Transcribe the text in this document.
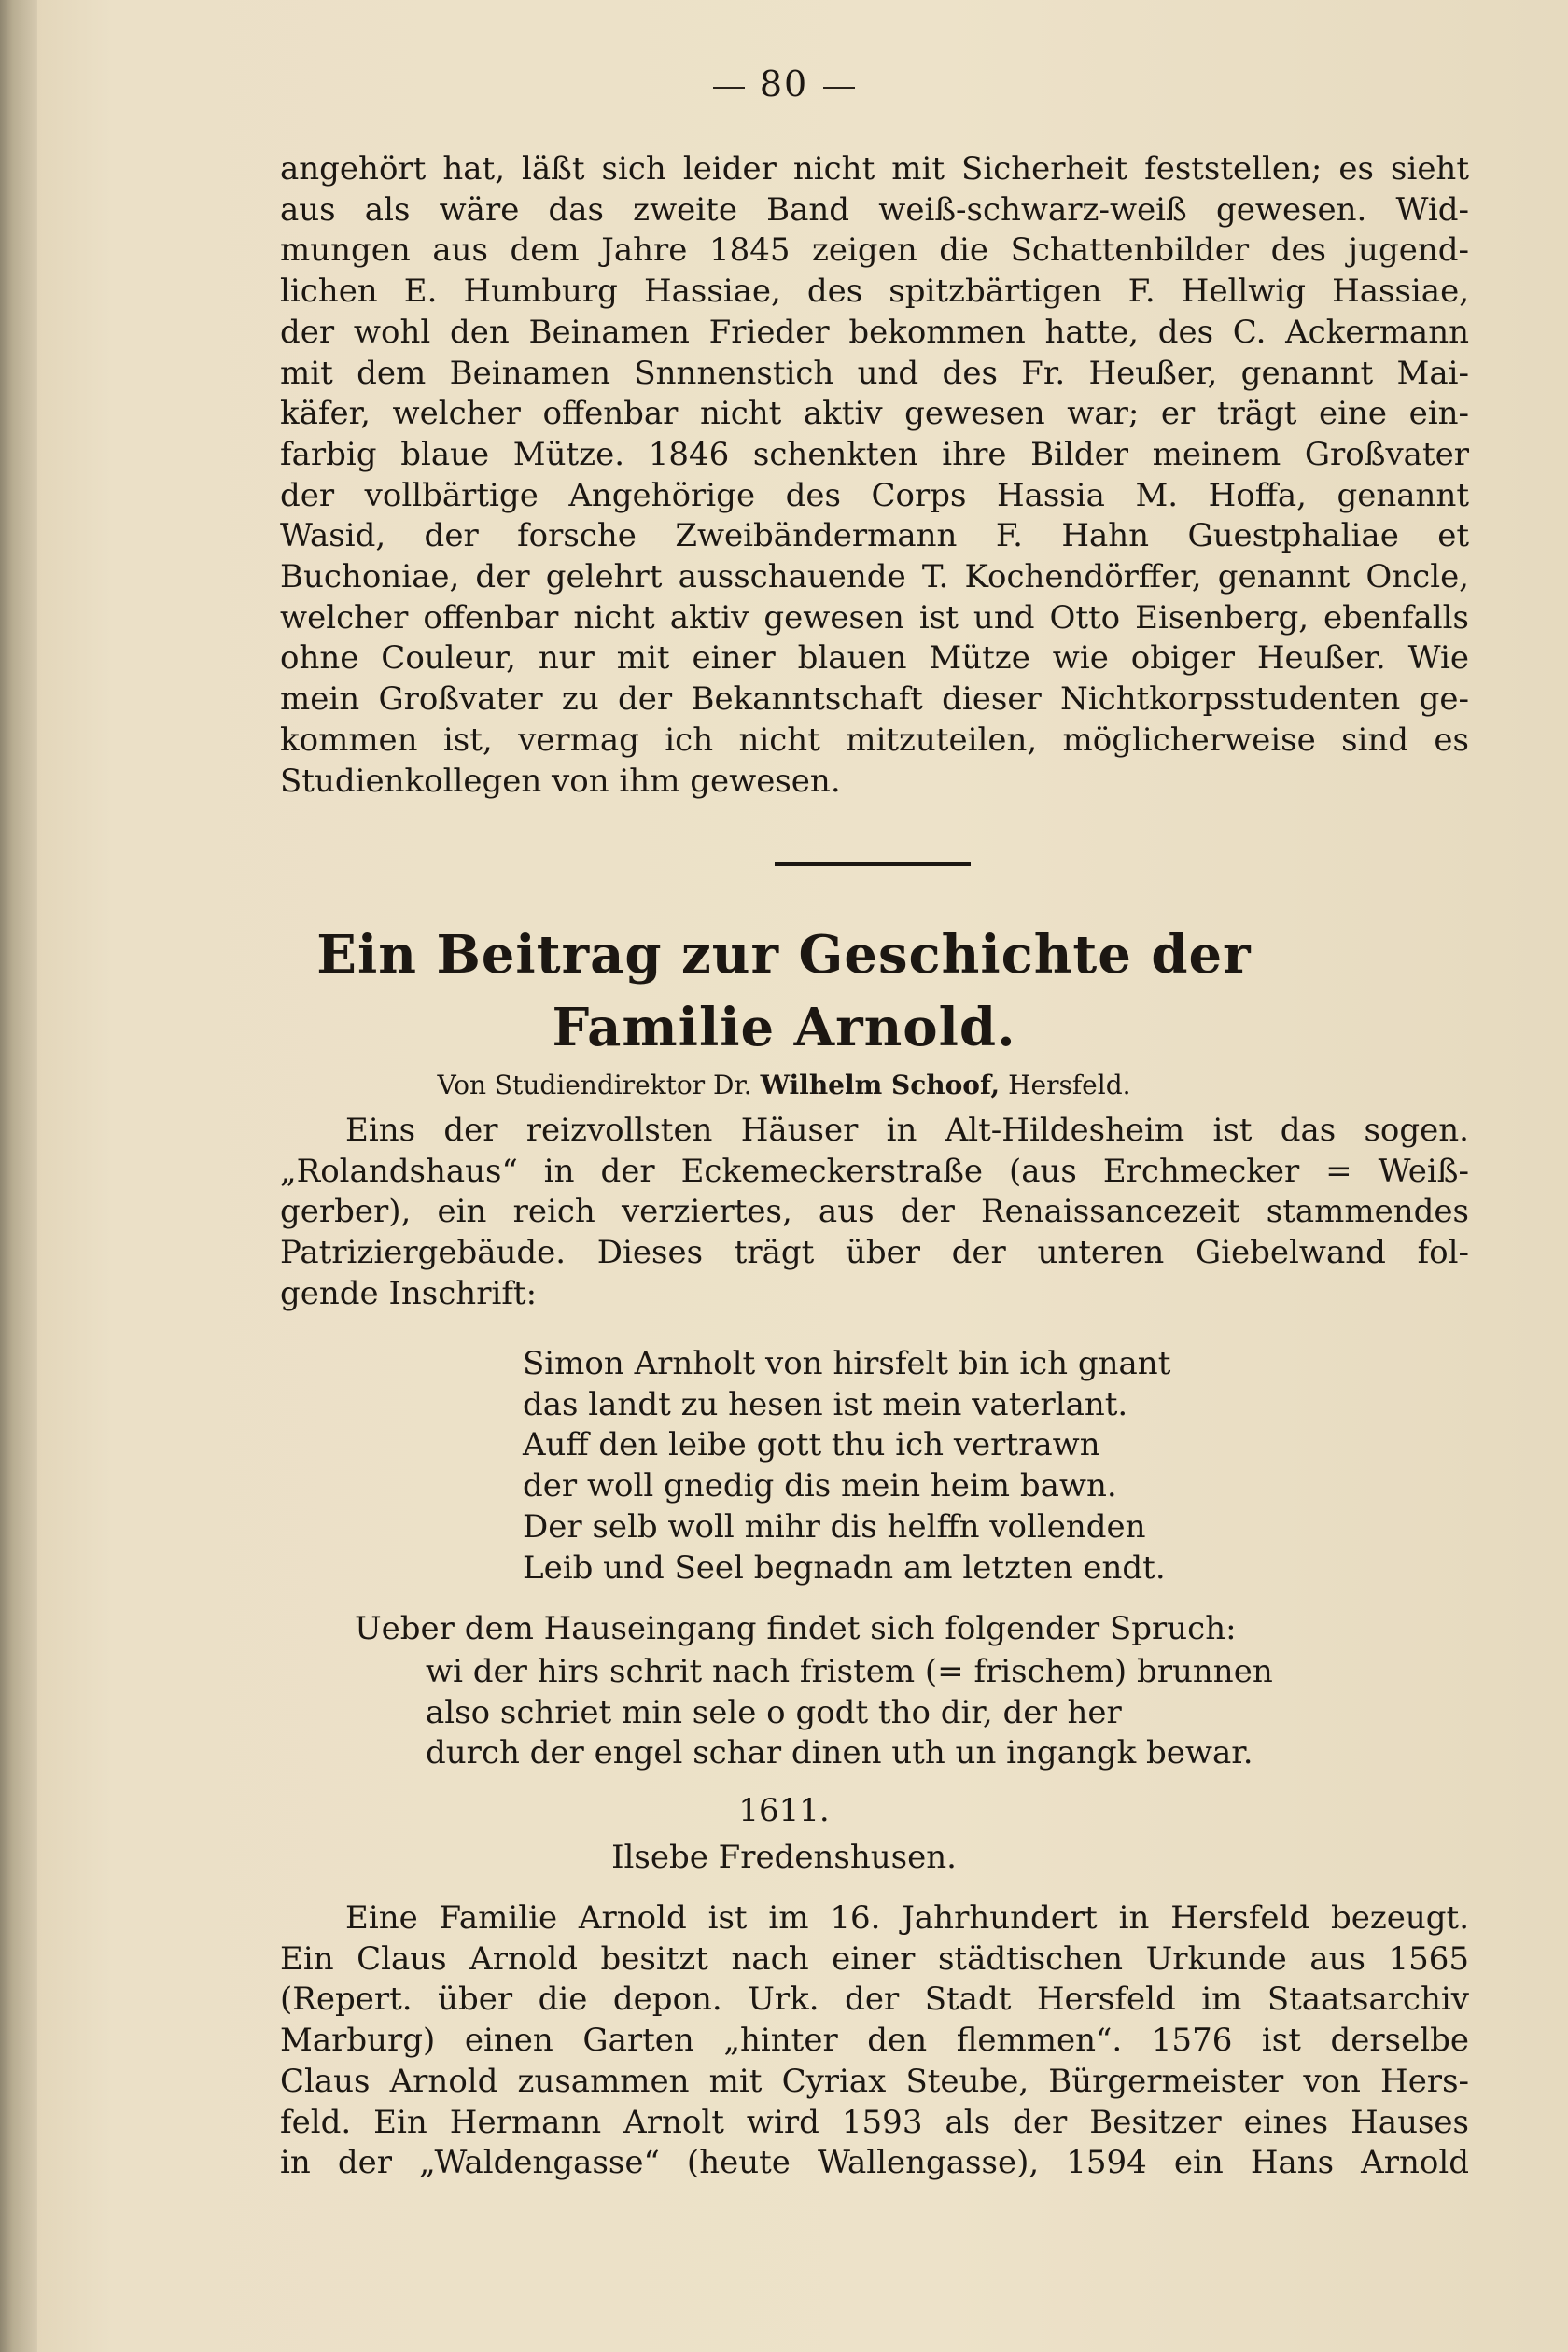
80

angehört hat, läßt sich leider nicht mit Sicherheit feststellen; es sieht

aus als wäre das zweite Band weiß-schwarz-weiß gewesen. Wid-

mungen aus dem Jahre 1845 zeigen die Schattenbilder des jugend-

lichen E. Humburg Hassiae, des spitzbärtigen F. Hellwig Hassiae,

der wohl den Beinamen Frieder bekommen hatte, des C. Ackermann

mit dem Beinamen Snnnenstich und des Fr. Heußer, genannt Mai-

käfer, welcher offenbar nicht aktiv gewesen war; er trägt eine ein-

farbig blaue Mütze. 1846 schenkten ihre Bilder meinem Großvater

der vollbärtige Angehörige des Corps Hassia M. Hoffa, genannt

Wasid, der forsche Zweibändermann F. Hahn Guestphaliae et

Buchoniae, der gelehrt ausschauende T. Kochendörffer, genannt Oncle,

welcher offenbar nicht aktiv gewesen ist und Otto Eisenberg, ebenfalls

ohne Couleur, nur mit einer blauen Mütze wie obiger Heußer. Wie

mein Großvater zu der Bekanntschaft dieser Nichtkorpsstudenten ge-

kommen ist, vermag ich nicht mitzuteilen, möglicherweise sind es

Studienkollegen von ihm gewesen.

Ein Beitrag zur Geschichte der
Familie Arnold.
Von Studiendirektor Dr. Wilhelm Schoof, Hersfeld.

Eins der reizvollsten Häuser in Alt-Hildesheim ist das sogen.

„Rolandshaus“ in der Eckemeckerstraße (aus Erchmecker = Weiß-

gerber), ein reich verziertes, aus der Renaissancezeit stammendes

Patriziergebäude. Dieses trägt über der unteren Giebelwand fol-

gende Inschrift:

Simon Arnholt von hirsfelt bin ich gnant
das landt zu hesen ist mein vaterlant.
Auff den leibe gott thu ich vertrawn
der woll gnedig dis mein heim bawn.
Der selb woll mihr dis helffn vollenden
Leib und Seel begnadn am letzten endt.
Ueber dem Hauseingang findet sich folgender Spruch:
wi der hirs schrit nach fristem (= frischem) brunnen
also schriet min sele o godt tho dir, der her
durch der engel schar dinen uth un ingangk bewar.
1611.
Ilsebe Fredenshusen.

Eine Familie Arnold ist im 16. Jahrhundert in Hersfeld bezeugt.

Ein Claus Arnold besitzt nach einer städtischen Urkunde aus 1565

(Repert. über die depon. Urk. der Stadt Hersfeld im Staatsarchiv

Marburg) einen Garten „hinter den flemmen“. 1576 ist derselbe

Claus Arnold zusammen mit Cyriax Steube, Bürgermeister von Hers-

feld. Ein Hermann Arnolt wird 1593 als der Besitzer eines Hauses

in der „Waldengasse“ (heute Wallengasse), 1594 ein Hans Arnold
